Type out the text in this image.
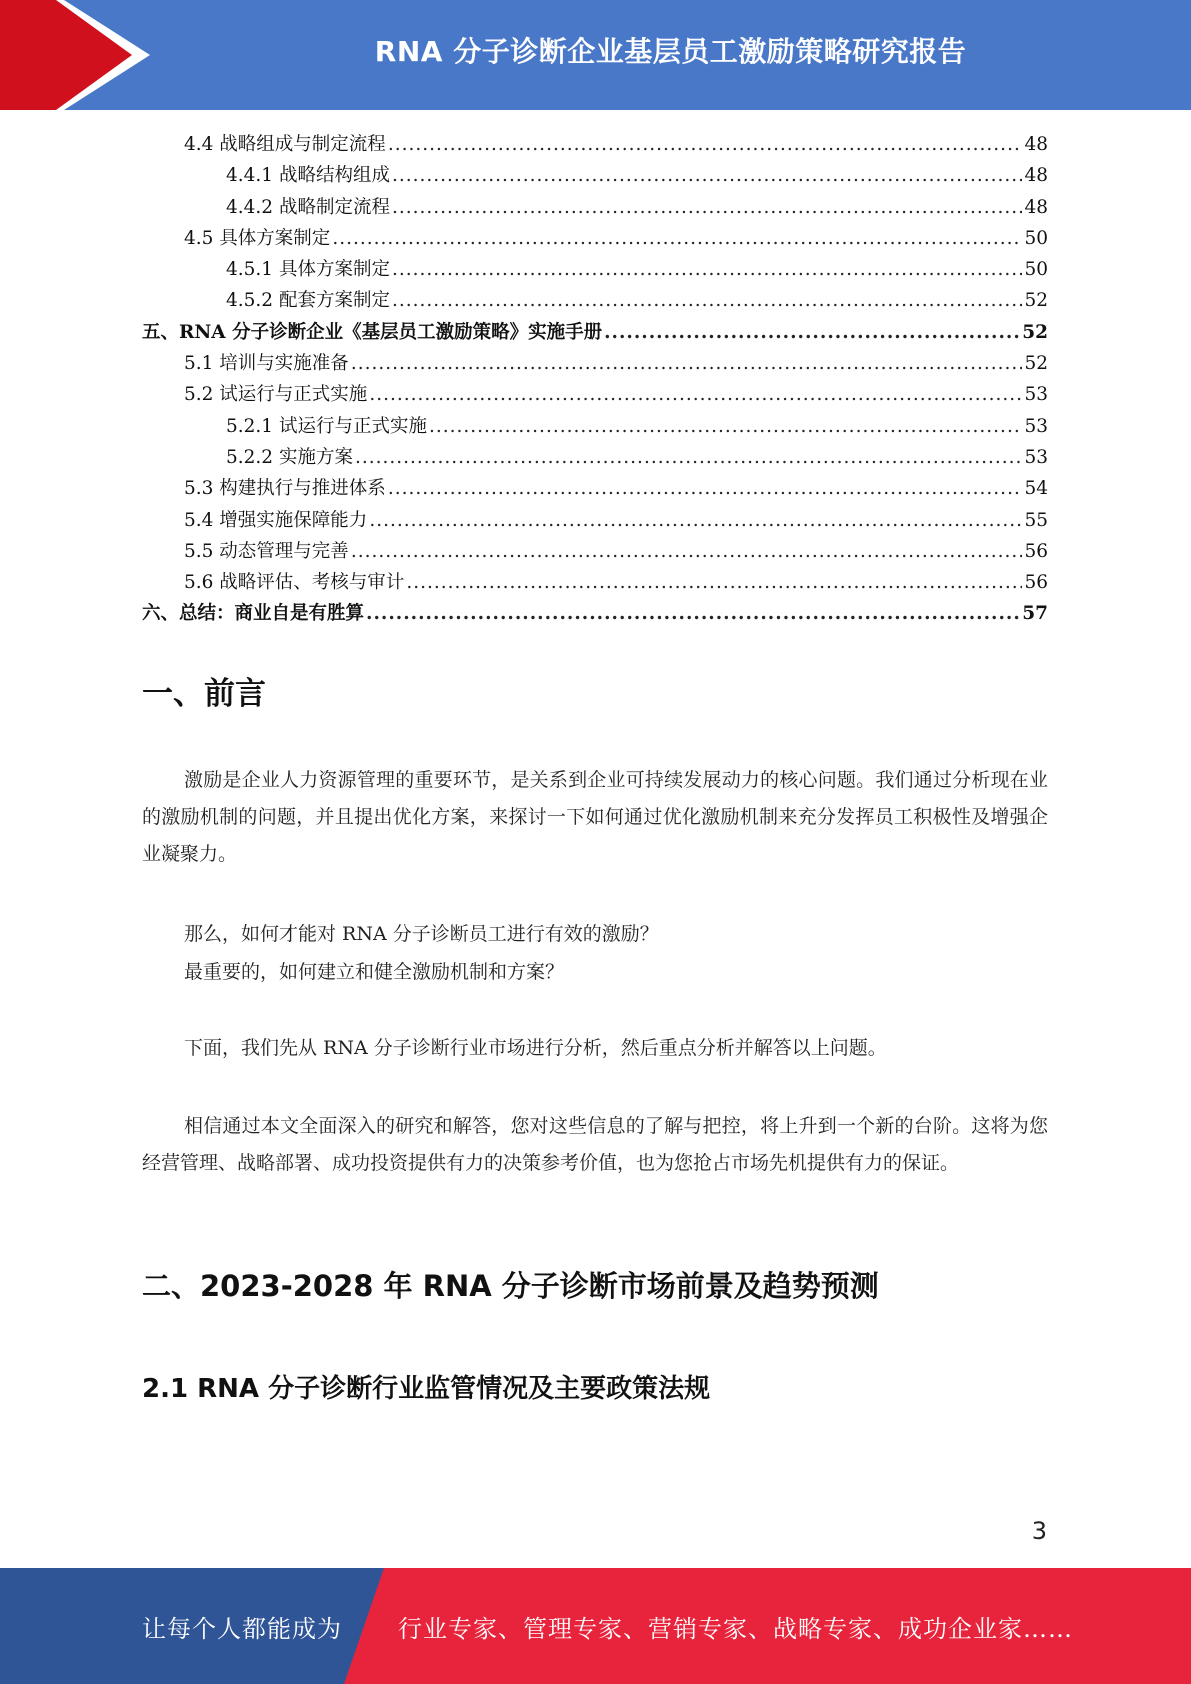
RNA 分子诊断企业基层员工激励策略研究报告
4.4 战略组成与制定流程 .....	48
4.4.1 战略结构组成 .....	48
4.4.2 战略制定流程 .....	48
4.5 具体方案制定 .....	50
4.5.1 具体方案制定 .....	50
4.5.2 配套方案制定 .....	52
五、RNA 分子诊断企业《基层员工激励策略》实施手册 .....	52
5.1 培训与实施准备 .....	52
5.2 试运行与正式实施 .....	53
5.2.1 试运行与正式实施 .....	53
5.2.2 实施方案 .....	53
5.3 构建执行与推进体系 .....	54
5.4 增强实施保障能力 .....	55
5.5 动态管理与完善 .....	56
5.6 战略评估、考核与审计 .....	56
六、总结：商业自是有胜算 .....	57
一、前言

激励是企业人力资源管理的重要环节，是关系到企业可持续发展动力的核心问题。我们通过分析现在业的激励机制的问题，并且提出优化方案，来探讨一下如何通过优化激励机制来充分发挥员工积极性及增强企业凝聚力。

那么，如何才能对 RNA 分子诊断员工进行有效的激励？
最重要的，如何建立和健全激励机制和方案？
下面，我们先从 RNA 分子诊断行业市场进行分析，然后重点分析并解答以上问题。

相信通过本文全面深入的研究和解答，您对这些信息的了解与把控，将上升到一个新的台阶。这将为您经营管理、战略部署、成功投资提供有力的决策参考价值，也为您抢占市场先机提供有力的保证。

二、2023-2028 年 RNA 分子诊断市场前景及趋势预测
2.1 RNA 分子诊断行业监管情况及主要政策法规
3
让每个人都能成为 行业专家、管理专家、营销专家、战略专家、成功企业家……
